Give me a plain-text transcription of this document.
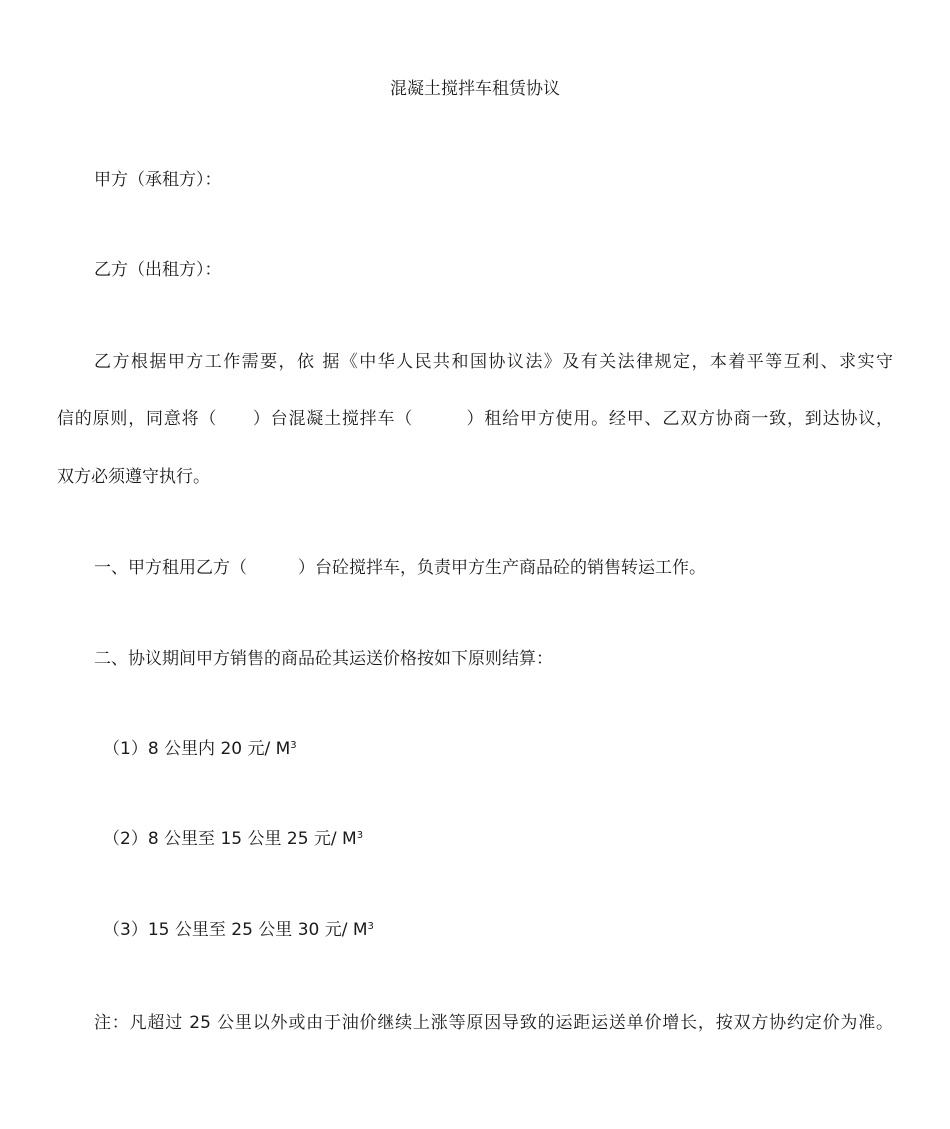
混凝土搅拌车租赁协议
甲方（承租方）：
乙方（出租方）：
乙方根据甲方工作需要，依 据《中华人民共和国协议法》及有关法律规定，本着平等互利、求实守
信的原则，同意将（　　）台混凝土搅拌车（　　　）租给甲方使用。经甲、乙双方协商一致，到达协议，
双方必须遵守执行。
一、甲方租用乙方（　　　）台砼搅拌车，负责甲方生产商品砼的销售转运工作。
二、协议期间甲方销售的商品砼其运送价格按如下原则结算：
（1）8 公里内 20 元/ $M^3$
（2）8 公里至 15 公里 25 元/ $M^3$
（3）15 公里至 25 公里 30 元/ $M^3$
注：凡超过 25 公里以外或由于油价继续上涨等原因导致的运距运送单价增长，按双方协约定价为准。
